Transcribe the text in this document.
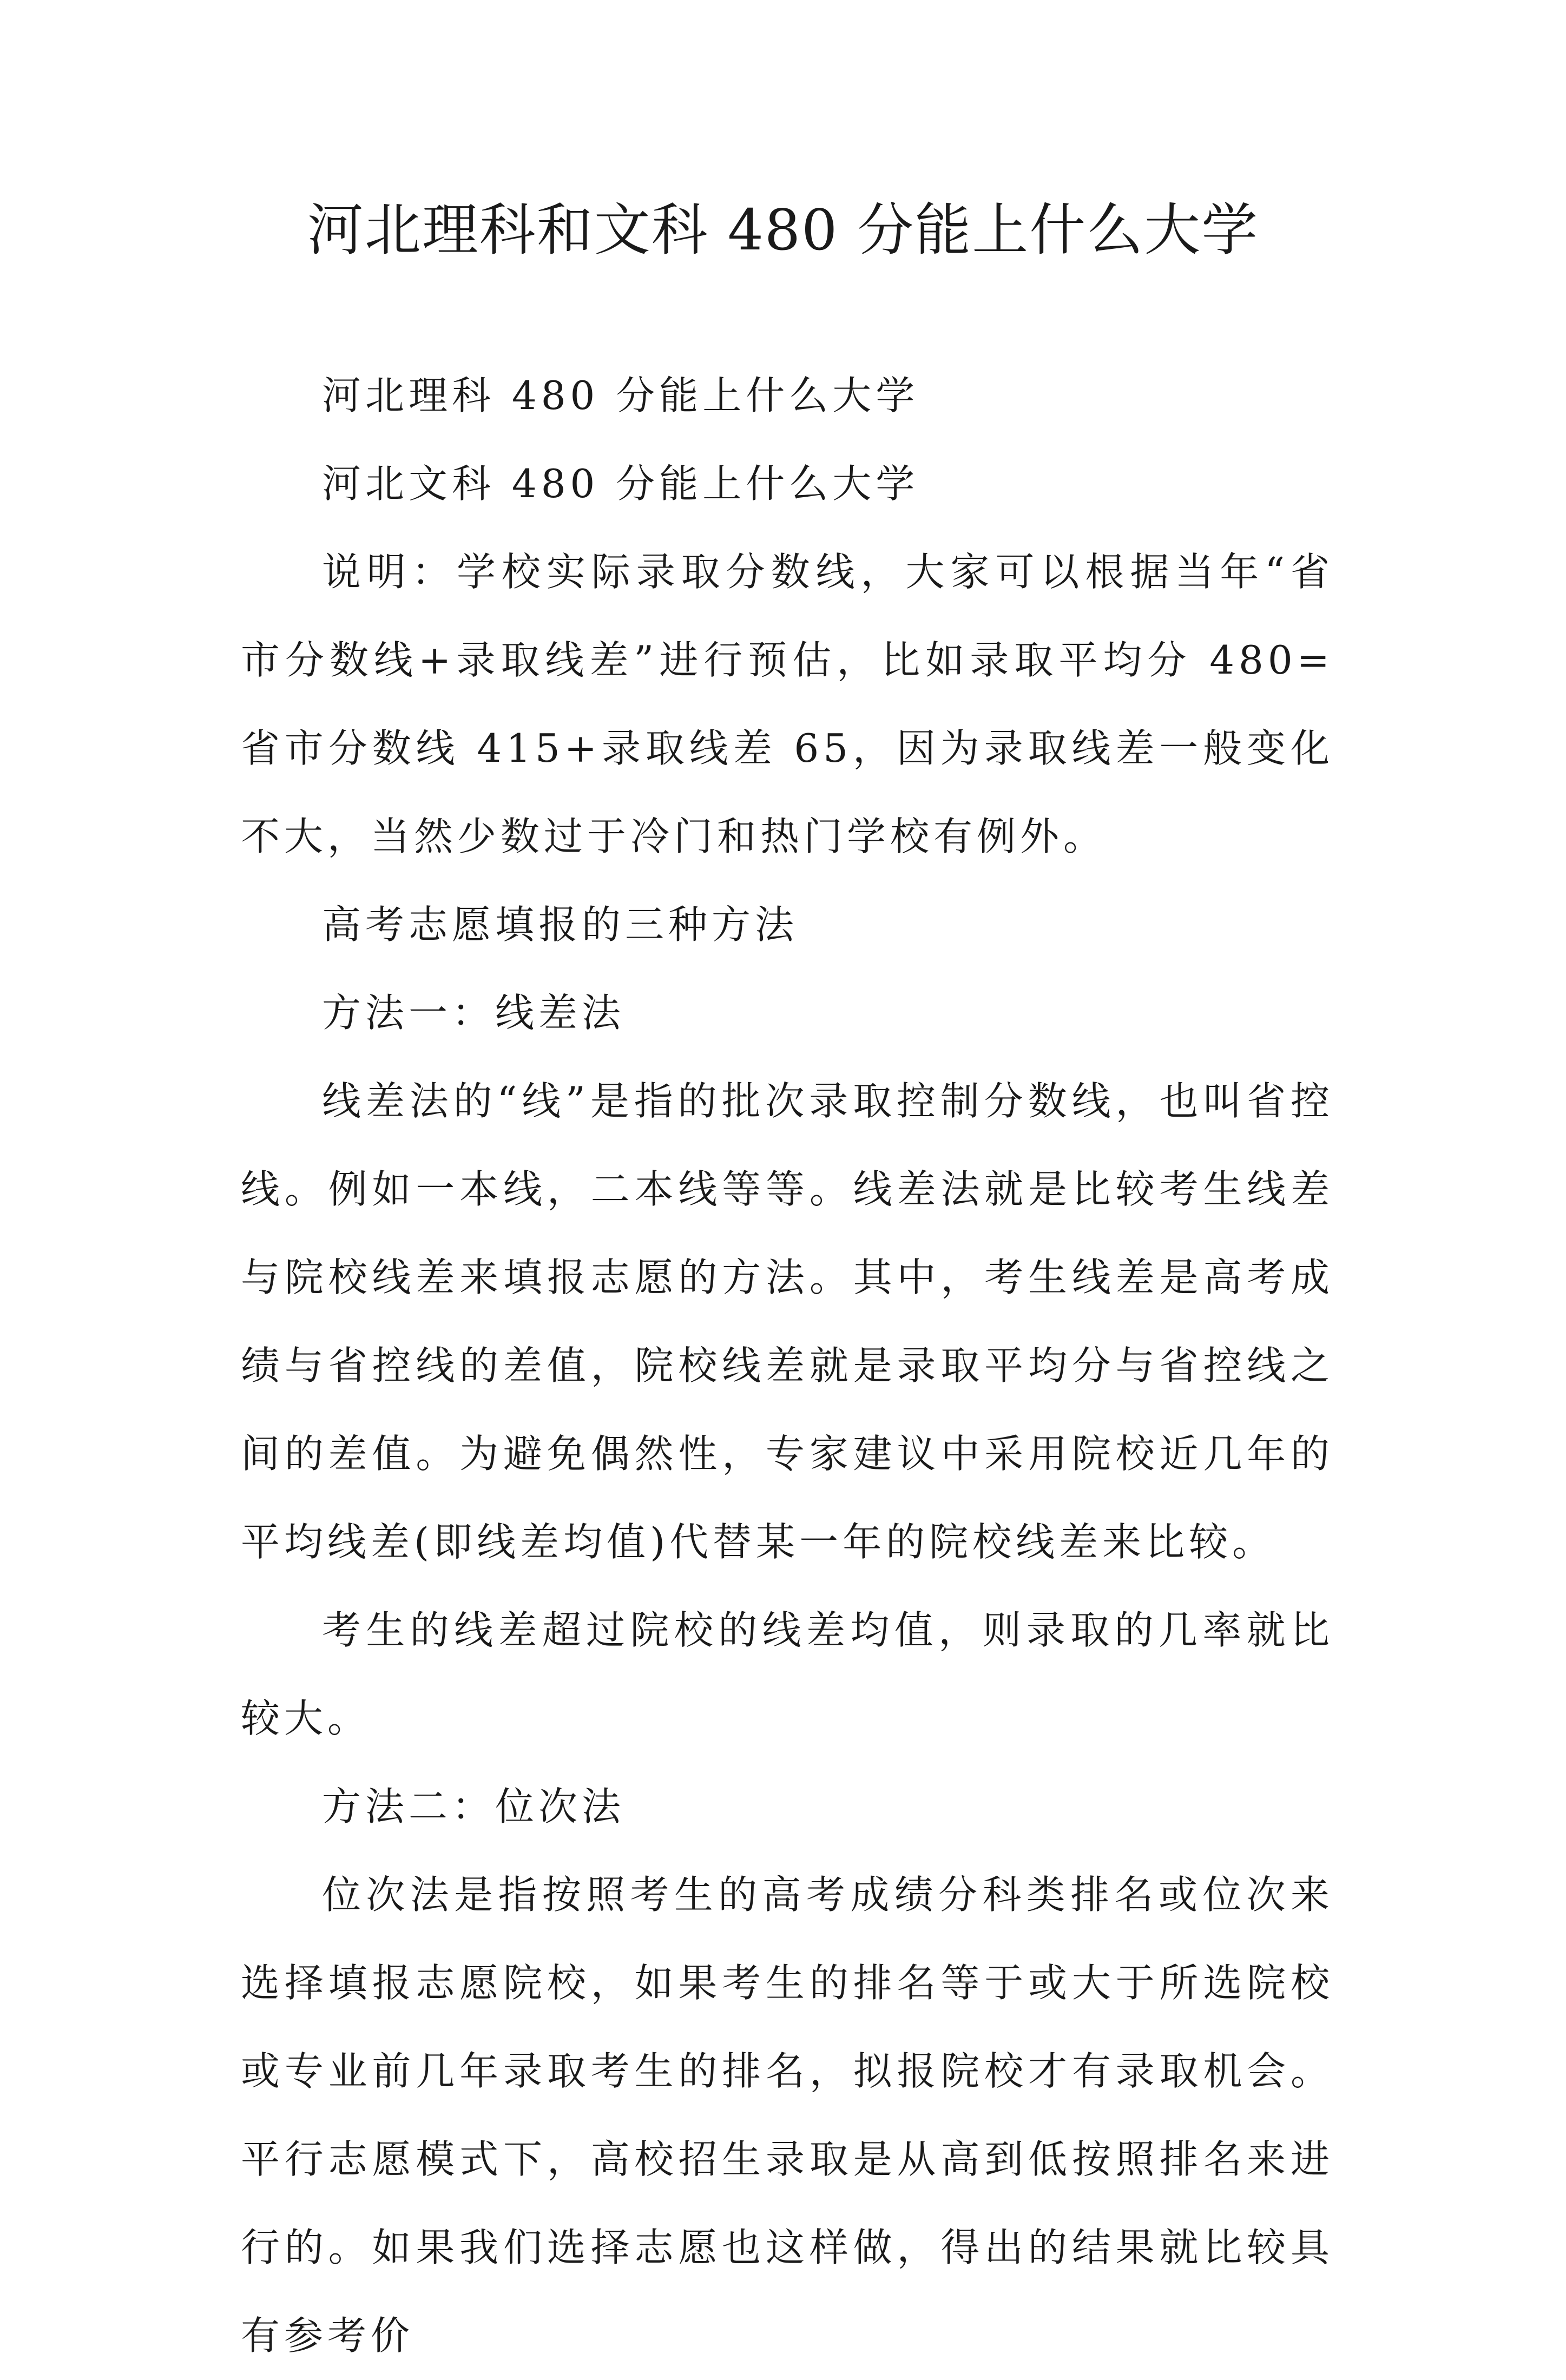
河北理科和文科 480 分能上什么大学

河北理科 480 分能上什么大学

河北文科 480 分能上什么大学

说明：学校实际录取分数线，大家可以根据当年“省市分数线+录取线差”进行预估，比如录取平均分 480=省市分数线 415+录取线差 65，因为录取线差一般变化不大，当然少数过于冷门和热门学校有例外。

高考志愿填报的三种方法

方法一：线差法

线差法的“线”是指的批次录取控制分数线，也叫省控线。例如一本线，二本线等等。线差法就是比较考生线差与院校线差来填报志愿的方法。其中，考生线差是高考成绩与省控线的差值，院校线差就是录取平均分与省控线之间的差值。为避免偶然性，专家建议中采用院校近几年的平均线差(即线差均值)代替某一年的院校线差来比较。

考生的线差超过院校的线差均值，则录取的几率就比较大。

方法二：位次法

位次法是指按照考生的高考成绩分科类排名或位次来选择填报志愿院校，如果考生的排名等于或大于所选院校或专业前几年录取考生的排名，拟报院校才有录取机会。平行志愿模式下，高校招生录取是从高到低按照排名来进行的。如果我们选择志愿也这样做，得出的结果就比较具有参考价
